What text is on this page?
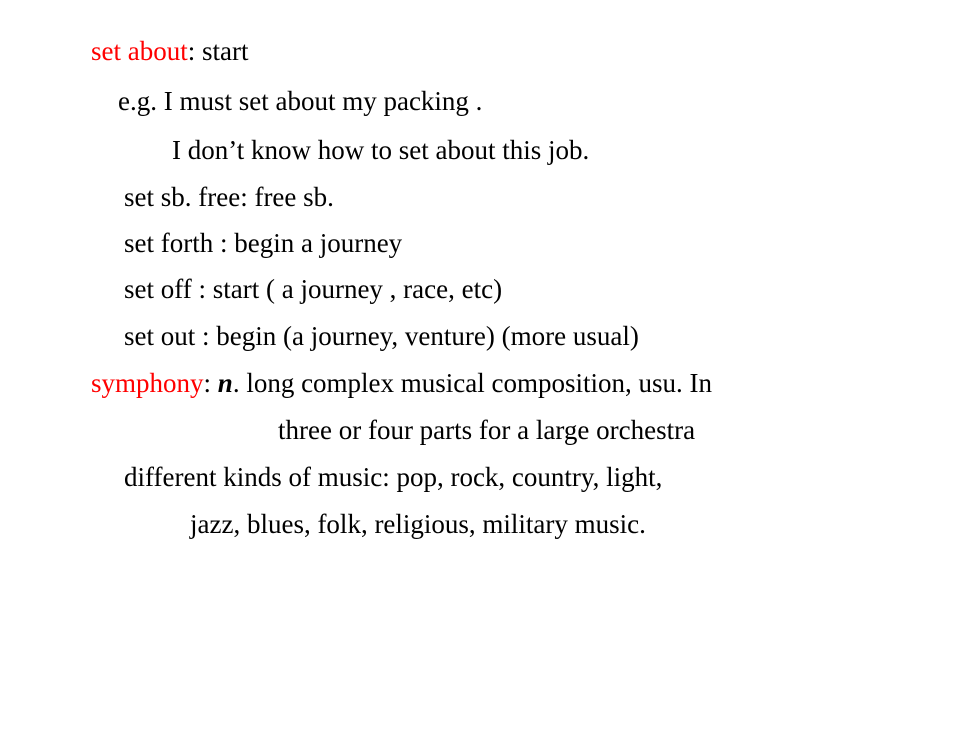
set about: start
e.g. I must set about my packing .
I don’t know how to set about this job.
set sb. free: free sb.
set forth : begin a journey
set off : start ( a journey , race, etc)
set out : begin (a journey, venture) (more usual)
symphony: n. long complex musical composition, usu. In
three or four parts for a large orchestra
different kinds of music: pop, rock, country, light,
jazz, blues, folk, religious, military music.
